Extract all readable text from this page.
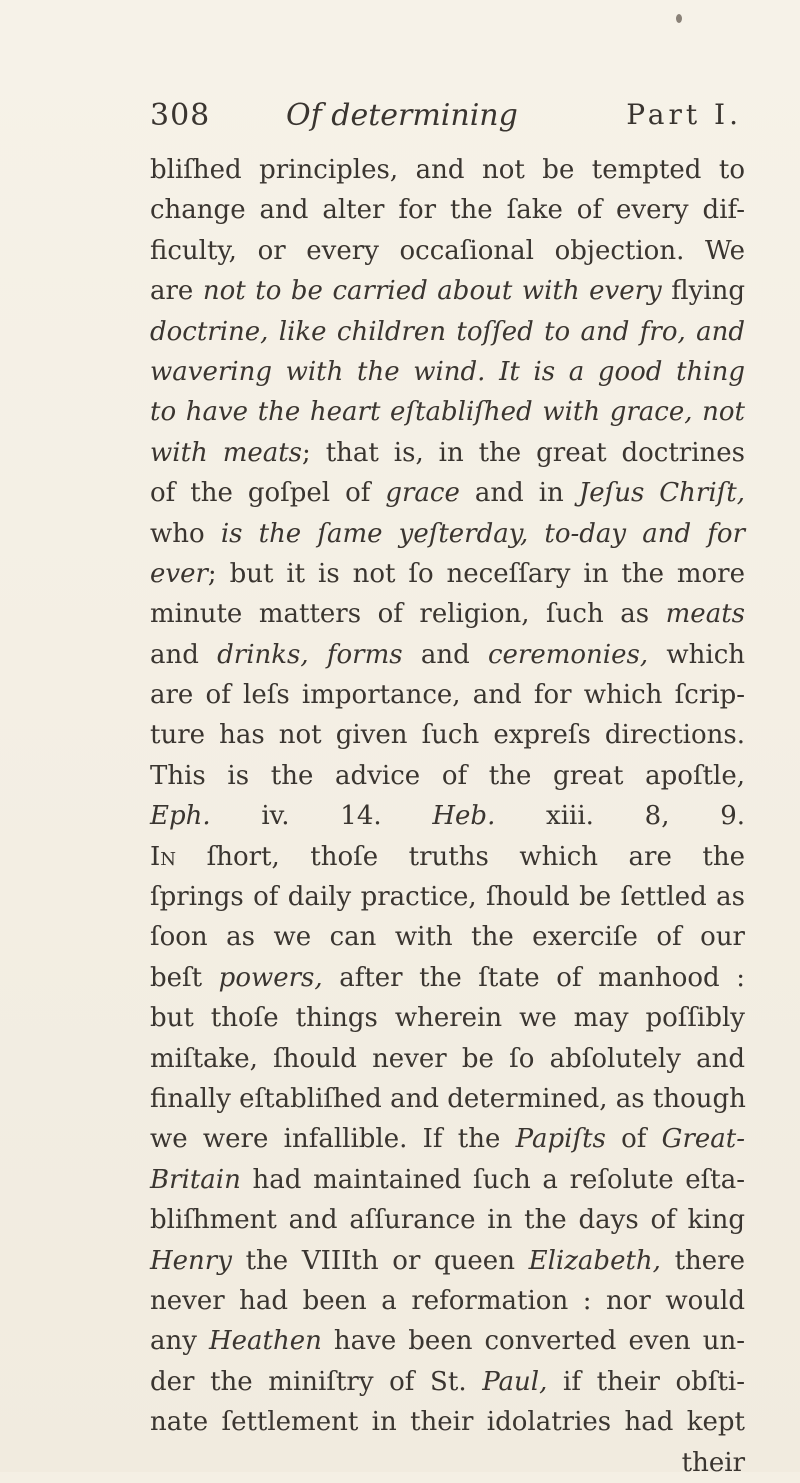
308	Of determining	Part I.
bliſhed principles, and not be tempted to
change and alter for the ſake of every dif-
ficulty, or every occaſional objection. We
are not to be carried about with every flying
doctrine, like children toſſed to and fro, and
wavering with the wind. It is a good thing
to have the heart eſtabliſhed with grace, not
with meats; that is, in the great doctrines
of the goſpel of grace and in Jeſus Chriſt,
who is the ſame yeſterday, to-day and for
ever; but it is not ſo neceſſary in the more
minute matters of religion, ſuch as meats
and drinks, forms and ceremonies, which
are of leſs importance, and for which ſcrip-
ture has not given ſuch expreſs directions.
This is the advice of the great apoſtle,
Eph. iv. 14. Heb. xiii. 8, 9.
In ſhort, thoſe truths which are the
ſprings of daily practice, ſhould be ſettled as
ſoon as we can with the exerciſe of our
beſt powers, after the ſtate of manhood :
but thoſe things wherein we may poſſibly
miſtake, ſhould never be ſo abſolutely and
finally eſtabliſhed and determined, as though
we were infallible. If the Papiſts of Great-
Britain had maintained ſuch a reſolute eſta-
bliſhment and aſſurance in the days of king
Henry the VIIIth or queen Elizabeth, there
never had been a reformation : nor would
any Heathen have been converted even un-
der the miniſtry of St. Paul, if their obſti-
nate ſettlement in their idolatries had kept
their
